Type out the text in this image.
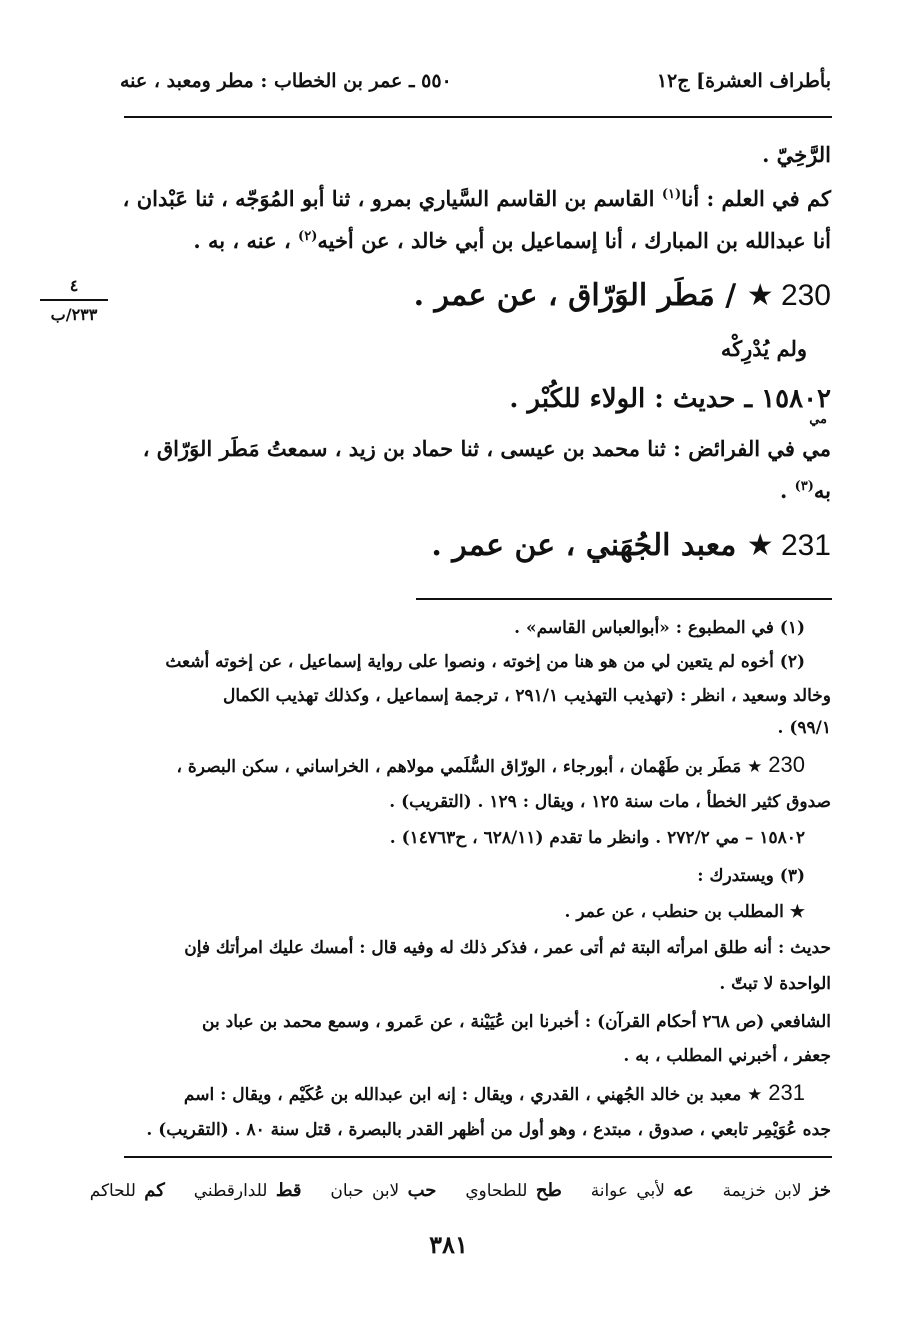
بأطراف العشرة] ج١٢
٥٥٠ ـ عمر بن الخطاب : مطر ومعبد ، عنه
٤
٢٣٣/ب
الرَّخِيّ .
كم في العلم : أنا$^{(١)}$ القاسم بن القاسم السَّياري بمرو ، ثنا أبو المُوَجّه ، ثنا عَبْدان ،
أنا عبدالله بن المبارك ، أنا إسماعيل بن أبي خالد ، عن أخيه$^{(٢)}$ ، عنه ، به .
230 ★ / مَطَر الوَرّاق ، عن عمر .
ولم يُدْرِكْه
١٥٨٠٢ ـ حديث : الولاء للكُبْر .
مي
مي في الفرائض : ثنا محمد بن عيسى ، ثنا حماد بن زيد ، سمعتُ مَطَر الوَرّاق ،
به$^{(٣)}$ .
231 ★ معبد الجُهَني ، عن عمر .
(١) في المطبوع : «أبوالعباس القاسم» .
(٢) أخوه لم يتعين لي من هو هنا من إخوته ، ونصوا على رواية إسماعيل ، عن إخوته أشعث
وخالد وسعيد ، انظر : (تهذيب التهذيب ٢٩١/١ ، ترجمة إسماعيل ، وكذلك تهذيب الكمال
٩٩/١) .
230 ★ مَطَر بن طَهْمان ، أبورجاء ، الورّاق السُّلَمي مولاهم ، الخراساني ، سكن البصرة ،
صدوق كثير الخطأ ، مات سنة ١٢٥ ، ويقال : ١٢٩ . (التقريب) .
١٥٨٠٢ – مي ٢٧٢/٢ . وانظر ما تقدم (٦٢٨/١١ ، ح١٤٧٦٣) .
(٣) ويستدرك :
★ المطلب بن حنطب ، عن عمر .
حديث : أنه طلق امرأته البتة ثم أتى عمر ، فذكر ذلك له وفيه قال : أمسك عليك امرأتك فإن
الواحدة لا تبتّ .
الشافعي (ص ٢٦٨ أحكام القرآن) : أخبرنا ابن عُيَيْنة ، عن عَمرو ، وسمع محمد بن عباد بن
جعفر ، أخبرني المطلب ، به .
231 ★ معبد بن خالد الجُهني ، القدري ، ويقال : إنه ابن عبدالله بن عُكَيْم ، ويقال : اسم
جده عُوَيْمِر تابعي ، صدوق ، مبتدع ، وهو أول من أظهر القدر بالبصرة ، قتل سنة ٨٠ . (التقريب) .
خز لابن خزيمة عه لأبي عوانة طح للطحاوي حب لابن حبان قط للدارقطني كم للحاكم
٣٨١
